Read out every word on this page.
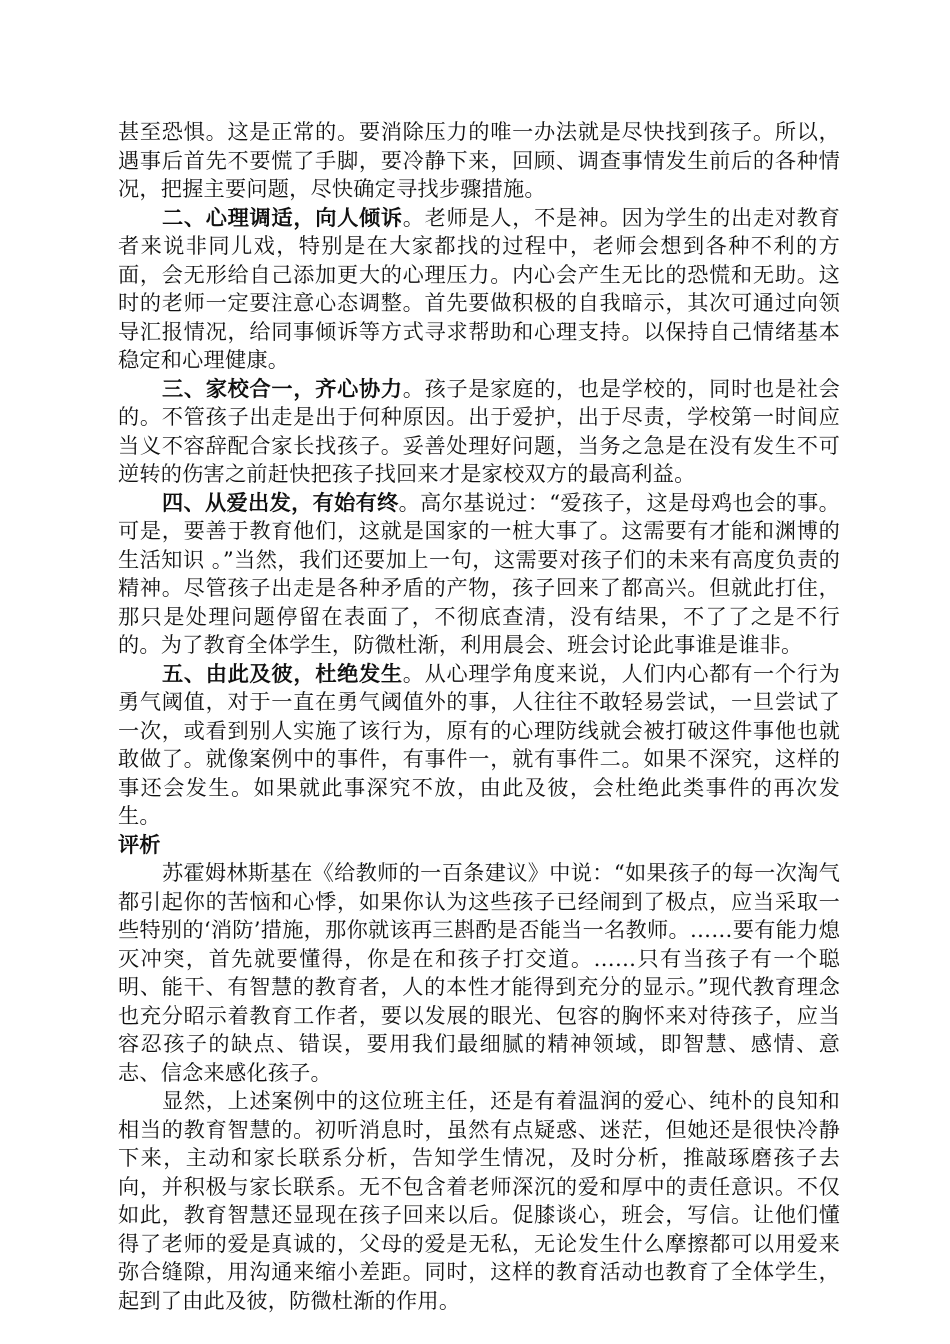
甚至恐惧。这是正常的。要消除压力的唯一办法就是尽快找到孩子。所以，遇事后首先不要慌了手脚，要冷静下来，回顾、调查事情发生前后的各种情况，把握主要问题，尽快确定寻找步骤措施。

二、心理调适，向人倾诉。老师是人，不是神。因为学生的出走对教育者来说非同儿戏，特别是在大家都找的过程中，老师会想到各种不利的方面，会无形给自己添加更大的心理压力。内心会产生无比的恐慌和无助。这时的老师一定要注意心态调整。首先要做积极的自我暗示，其次可通过向领导汇报情况，给同事倾诉等方式寻求帮助和心理支持。以保持自己情绪基本稳定和心理健康。

三、家校合一，齐心协力。孩子是家庭的，也是学校的，同时也是社会的。不管孩子出走是出于何种原因。出于爱护，出于尽责，学校第一时间应当义不容辞配合家长找孩子。妥善处理好问题，当务之急是在没有发生不可逆转的伤害之前赶快把孩子找回来才是家校双方的最高利益。

四、从爱出发，有始有终。高尔基说过：“爱孩子，这是母鸡也会的事。可是，要善于教育他们，这就是国家的一桩大事了。这需要有才能和渊博的生活知识 。”当然，我们还要加上一句，这需要对孩子们的未来有高度负责的精神。尽管孩子出走是各种矛盾的产物，孩子回来了都高兴。但就此打住，那只是处理问题停留在表面了，不彻底查清，没有结果，不了了之是不行的。为了教育全体学生，防微杜渐，利用晨会、班会讨论此事谁是谁非。

五、由此及彼，杜绝发生。从心理学角度来说，人们内心都有一个行为勇气阈值，对于一直在勇气阈值外的事，人往往不敢轻易尝试，一旦尝试了一次，或看到别人实施了该行为，原有的心理防线就会被打破这件事他也就敢做了。就像案例中的事件，有事件一，就有事件二。如果不深究，这样的事还会发生。如果就此事深究不放，由此及彼，会杜绝此类事件的再次发生。

评析

苏霍姆林斯基在《给教师的一百条建议》中说：“如果孩子的每一次淘气都引起你的苦恼和心悸，如果你认为这些孩子已经闹到了极点，应当采取一些特别的‘消防’措施，那你就该再三斟酌是否能当一名教师。……要有能力熄灭冲突，首先就要懂得，你是在和孩子打交道。……只有当孩子有一个聪明、能干、有智慧的教育者，人的本性才能得到充分的显示。”现代教育理念也充分昭示着教育工作者，要以发展的眼光、包容的胸怀来对待孩子，应当容忍孩子的缺点、错误，要用我们最细腻的精神领域，即智慧、感情、意志、信念来感化孩子。

显然，上述案例中的这位班主任，还是有着温润的爱心、纯朴的良知和相当的教育智慧的。初听消息时，虽然有点疑惑、迷茫，但她还是很快冷静下来，主动和家长联系分析，告知学生情况，及时分析，推敲琢磨孩子去向，并积极与家长联系。无不包含着老师深沉的爱和厚中的责任意识。不仅如此，教育智慧还显现在孩子回来以后。促膝谈心，班会，写信。让他们懂得了老师的爱是真诚的，父母的爱是无私，无论发生什么摩擦都可以用爱来弥合缝隙，用沟通来缩小差距。同时，这样的教育活动也教育了全体学生，起到了由此及彼，防微杜渐的作用。
